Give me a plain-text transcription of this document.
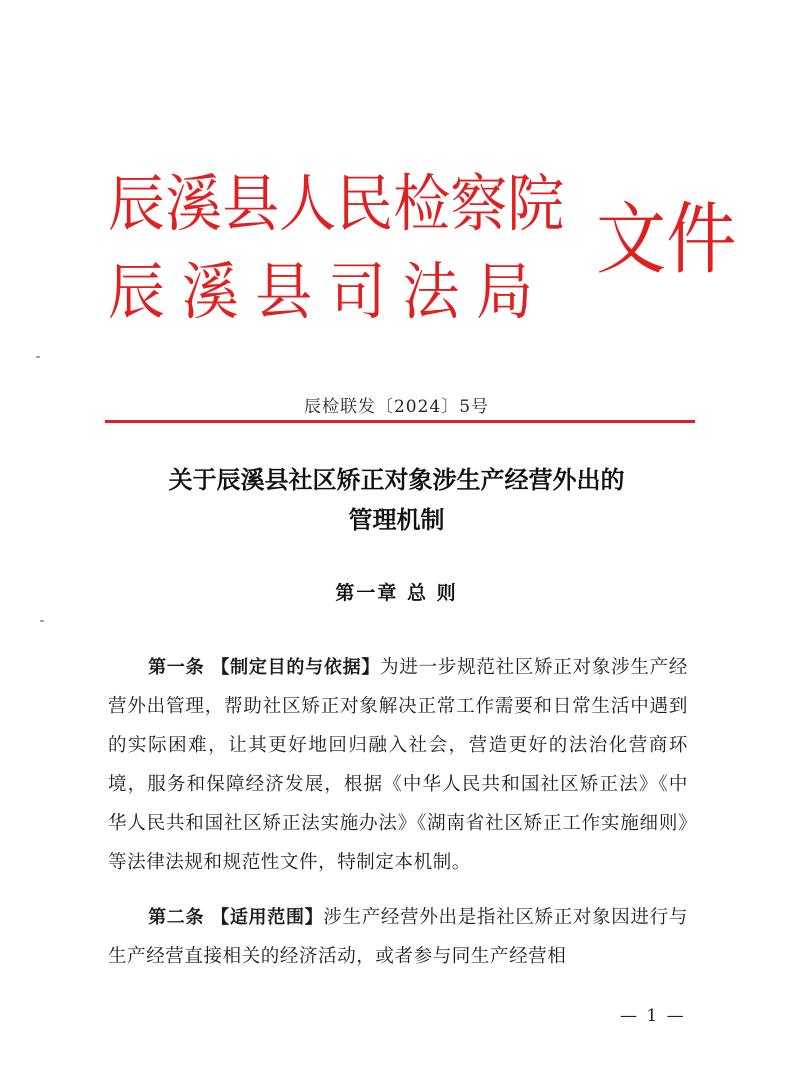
辰溪县人民检察院
辰溪县司法局
文件
辰检联发〔2024〕5号
关于辰溪县社区矫正对象涉生产经营外出的
管理机制
第一章 总 则
第一条 【制定目的与依据】为进一步规范社区矫正对象涉生产经营外出管理，帮助社区矫正对象解决正常工作需要和日常生活中遇到的实际困难，让其更好地回归融入社会，营造更好的法治化营商环境，服务和保障经济发展，根据《中华人民共和国社区矫正法》《中华人民共和国社区矫正法实施办法》《湖南省社区矫正工作实施细则》等法律法规和规范性文件，特制定本机制。
第二条 【适用范围】涉生产经营外出是指社区矫正对象因进行与生产经营直接相关的经济活动，或者参与同生产经营相
— 1 —
